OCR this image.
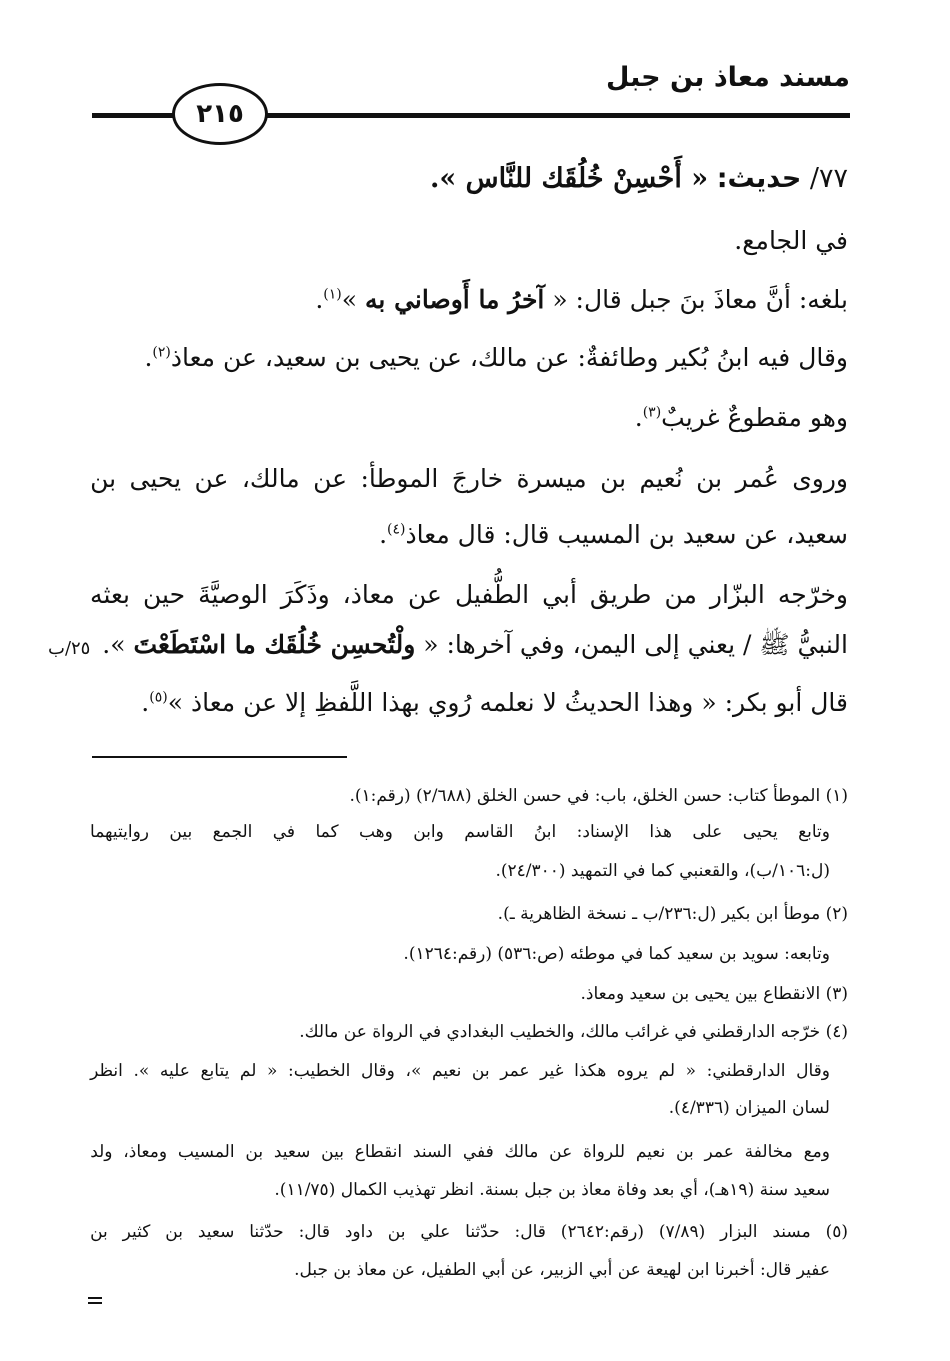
مسند معاذ بن جبل
٢١٥
٧٧/ حديث: « أَحْسِنْ خُلُقَك للنَّاس ».
في الجامع.
بلغه: أنَّ معاذَ بنَ جبل قال: « آخرُ ما أَوصاني به »$^{(١)}$.
وقال فيه ابنُ بُكير وطائفةٌ: عن مالك، عن يحيى بن سعيد، عن معاذ$^{(٢)}$.
وهو مقطوعٌ غريبٌ$^{(٣)}$.
وروى
عُمر
بن
نُعيم
بن
ميسرة
خارجَ
الموطأ:
عن
مالك،
عن
يحيى
بن
سعيد، عن سعيد بن المسيب قال: قال معاذ$^{(٤)}$.
وخرّجه
البزّار
من
طريق
أبي
الطُّفيل
عن
معاذ،
وذَكَرَ
الوصيَّةَ
حين
بعثه
النبيُّ ﷺ / يعني إلى اليمن، وفي آخرها: « ولْتُحسِن خُلُقَك ما اسْتَطَعْتَ ».
٢٥/ب
قال أبو بكر: « وهذا الحديثُ لا نعلمه رُوي بهذا اللَّفظِ إلا عن معاذ »$^{(٥)}$.
(١) الموطأ كتاب: حسن الخلق، باب: في حسن الخلق (٢/٦٨٨) (رقم:١).
وتابع
يحيى
على
هذا
الإسناد:
ابنُ
القاسم
وابن
وهب
كما
في
الجمع
بين
روايتيهما
(ل:١٠٦/ب)، والقعنبي كما في التمهيد (٢٤/٣٠٠).
(٢) موطأ ابن بكير (ل:٢٣٦/ب ـ نسخة الظاهرية ـ).
وتابعه: سويد بن سعيد كما في موطئه (ص:٥٣٦) (رقم:١٢٦٤).
(٣) الانقطاع بين يحيى بن سعيد ومعاذ.
(٤) خرّجه الدارقطني في غرائب مالك، والخطيب البغدادي في الرواة عن مالك.
وقال
الدارقطني:
«
لم
يروه
هكذا
غير
عمر
بن
نعيم
»،
وقال
الخطيب:
«
لم
يتابع
عليه
».
انظر
لسان الميزان (٤/٣٣٦).
ومع
مخالفة
عمر
بن
نعيم
للرواة
عن
مالك
ففي
السند
انقطاع
بين
سعيد
بن
المسيب
ومعاذ،
ولد
سعيد سنة (١٩هـ)، أي بعد وفاة معاذ بن جبل بسنة. انظر تهذيب الكمال (١١/٧٥).
(٥)
مسند
البزار
(٧/٨٩)
(رقم:٢٦٤٢)
قال:
حدّثنا
علي
بن
داود
قال:
حدّثنا
سعيد
بن
كثير
بن
عفير قال: أخبرنا ابن لهيعة عن أبي الزبير، عن أبي الطفيل، عن معاذ بن جبل.
